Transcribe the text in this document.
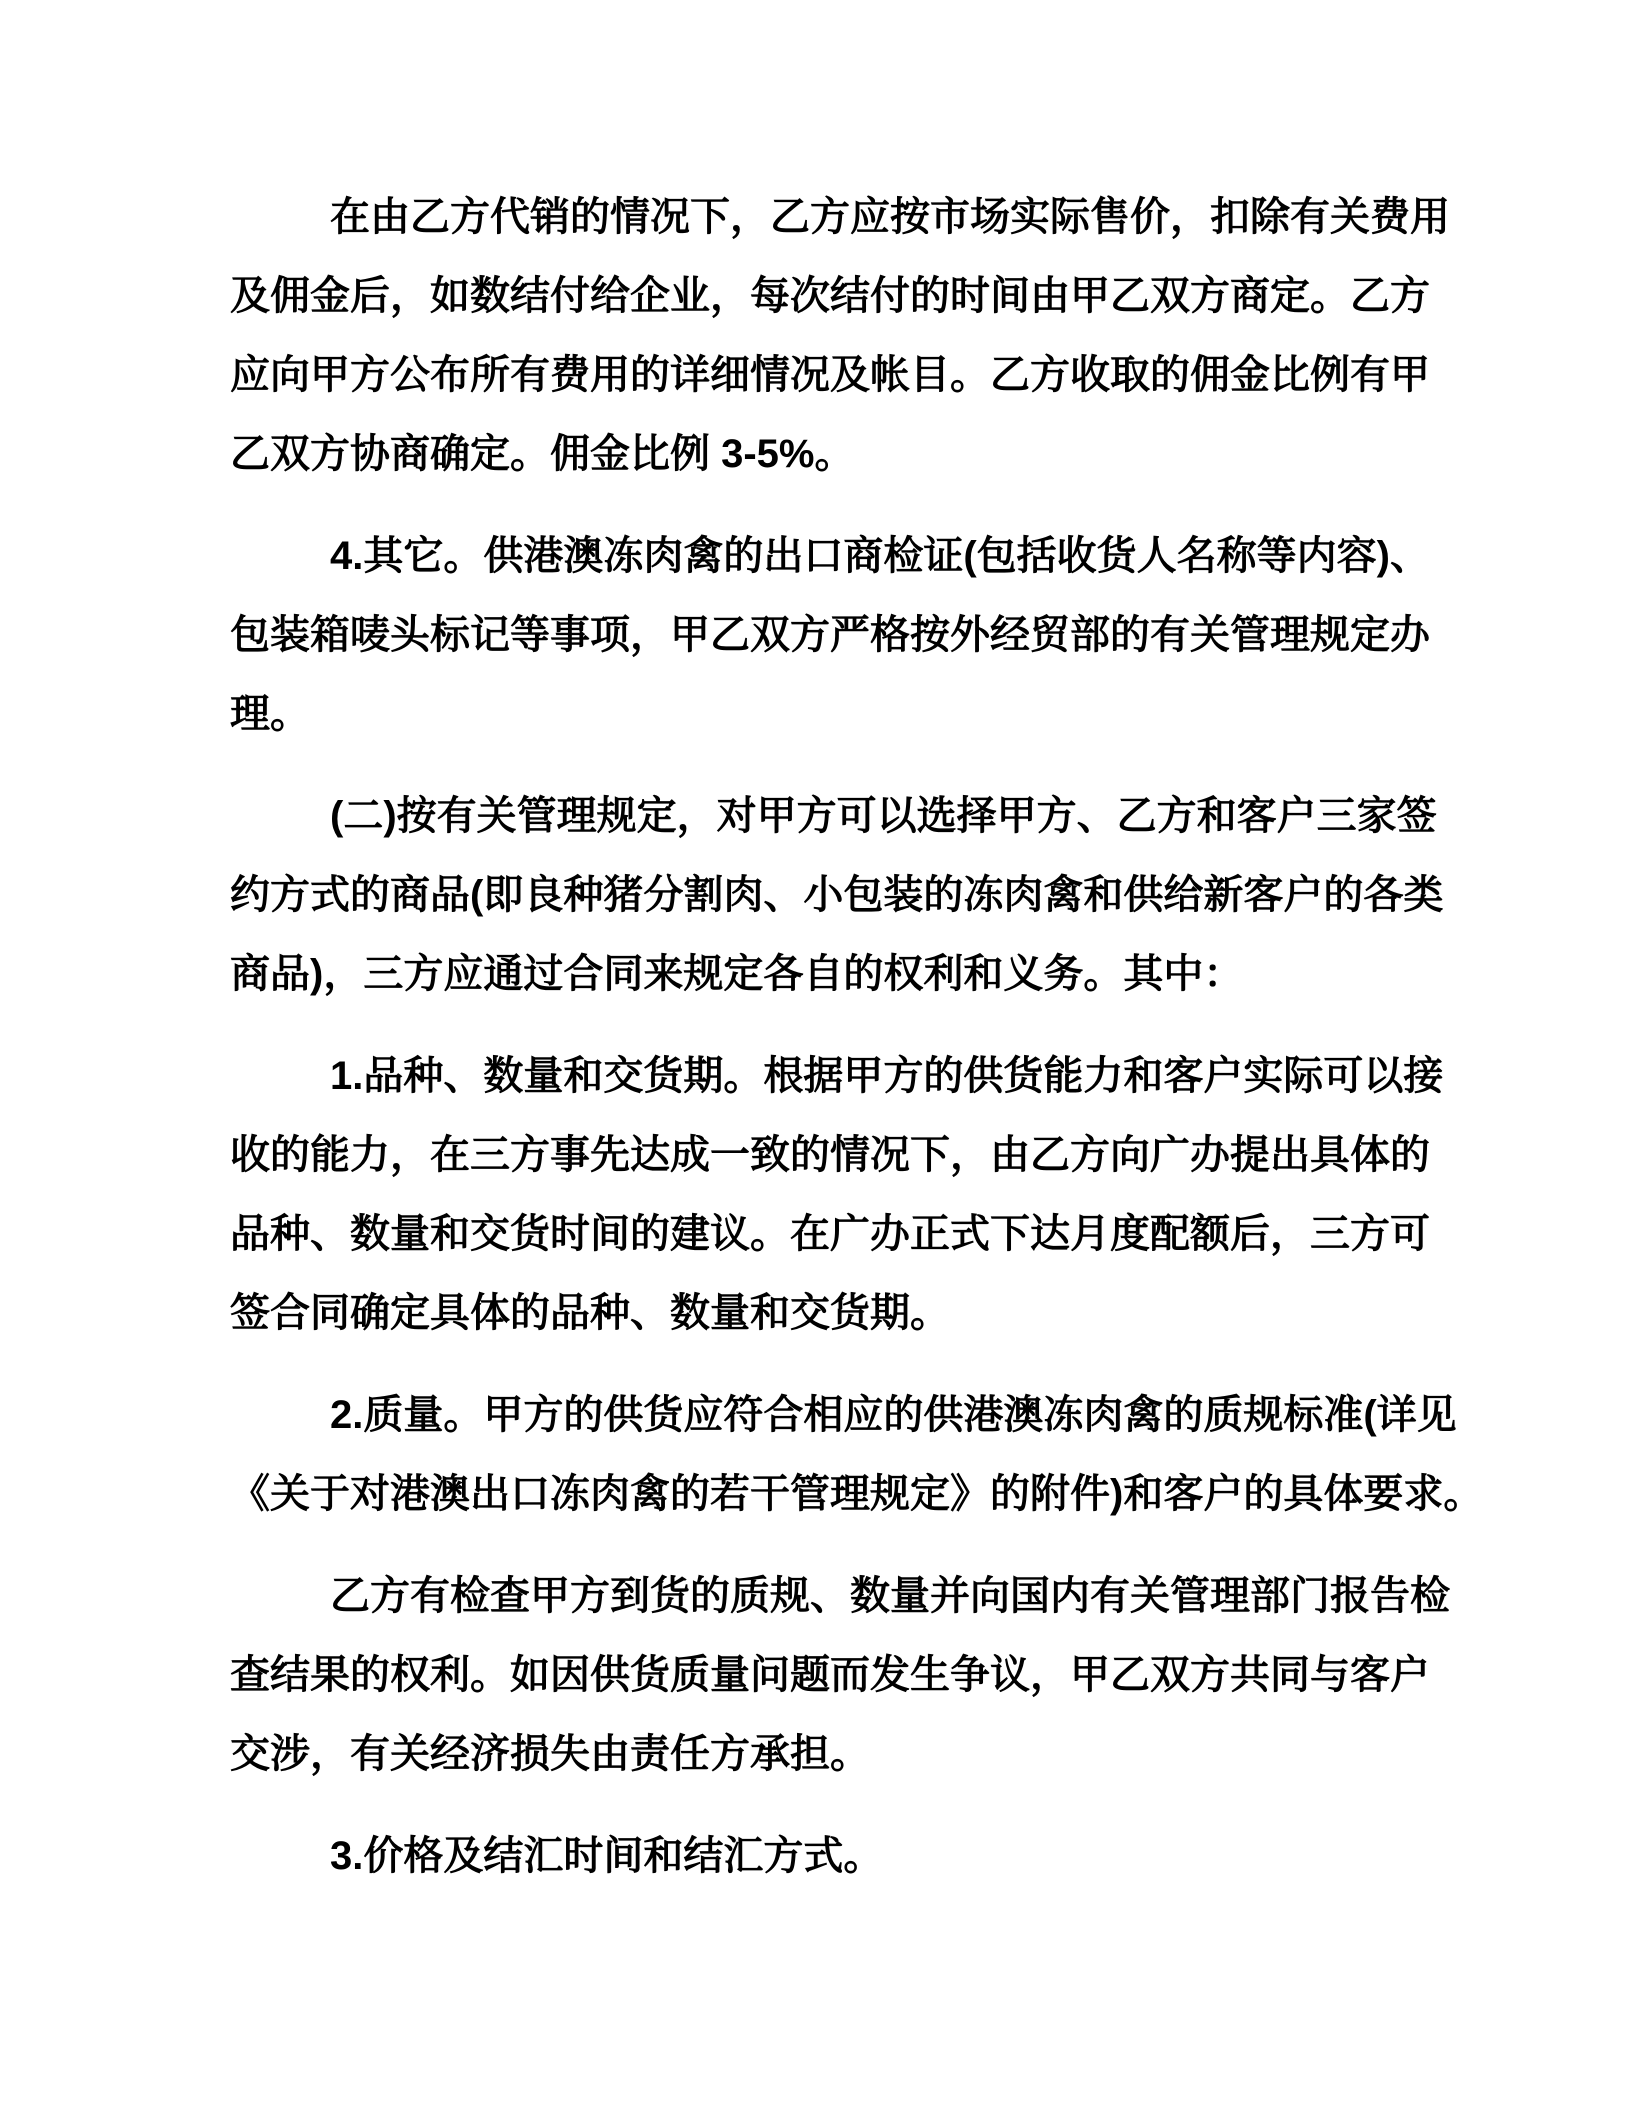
在由乙方代销的情况下，乙方应按市场实际售价，扣除有关费用
及佣金后，如数结付给企业，每次结付的时间由甲乙双方商定。乙方
应向甲方公布所有费用的详细情况及帐目。乙方收取的佣金比例有甲
乙双方协商确定。佣金比例 3-5%。
4.其它。供港澳冻肉禽的出口商检证(包括收货人名称等内容)、
包装箱唛头标记等事项，甲乙双方严格按外经贸部的有关管理规定办
理。
(二)按有关管理规定，对甲方可以选择甲方、乙方和客户三家签
约方式的商品(即良种猪分割肉、小包装的冻肉禽和供给新客户的各类
商品)，三方应通过合同来规定各自的权利和义务。其中：
1.品种、数量和交货期。根据甲方的供货能力和客户实际可以接
收的能力，在三方事先达成一致的情况下，由乙方向广办提出具体的
品种、数量和交货时间的建议。在广办正式下达月度配额后，三方可
签合同确定具体的品种、数量和交货期。
2.质量。甲方的供货应符合相应的供港澳冻肉禽的质规标准(详见
《关于对港澳出口冻肉禽的若干管理规定》的附件)和客户的具体要求。
乙方有检查甲方到货的质规、数量并向国内有关管理部门报告检
查结果的权利。如因供货质量问题而发生争议，甲乙双方共同与客户
交涉，有关经济损失由责任方承担。
3.价格及结汇时间和结汇方式。
